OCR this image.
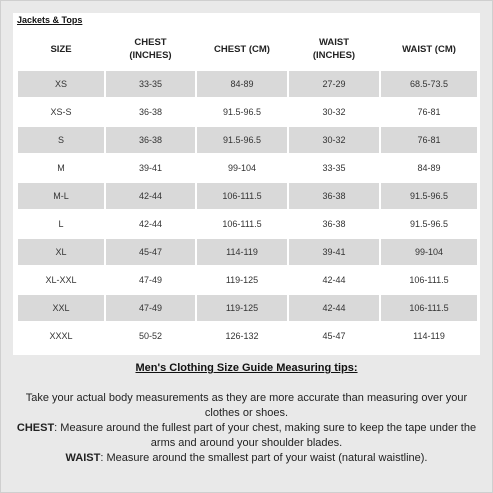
Jackets & Tops
SIZE	CHEST (INCHES)	CHEST (CM)	WAIST (INCHES)	WAIST (CM)
XS	33-35	84-89	27-29	68.5-73.5
XS-S	36-38	91.5-96.5	30-32	76-81
S	36-38	91.5-96.5	30-32	76-81
M	39-41	99-104	33-35	84-89
M-L	42-44	106-111.5	36-38	91.5-96.5
L	42-44	106-111.5	36-38	91.5-96.5
XL	45-47	114-119	39-41	99-104
XL-XXL	47-49	119-125	42-44	106-111.5
XXL	47-49	119-125	42-44	106-111.5
XXXL	50-52	126-132	45-47	114-119
Men's Clothing Size Guide Measuring tips:

Take your actual body measurements as they are more accurate than measuring over your clothes or shoes.

CHEST: Measure around the fullest part of your chest, making sure to keep the tape under the arms and around your shoulder blades.

WAIST: Measure around the smallest part of your waist (natural waistline).
